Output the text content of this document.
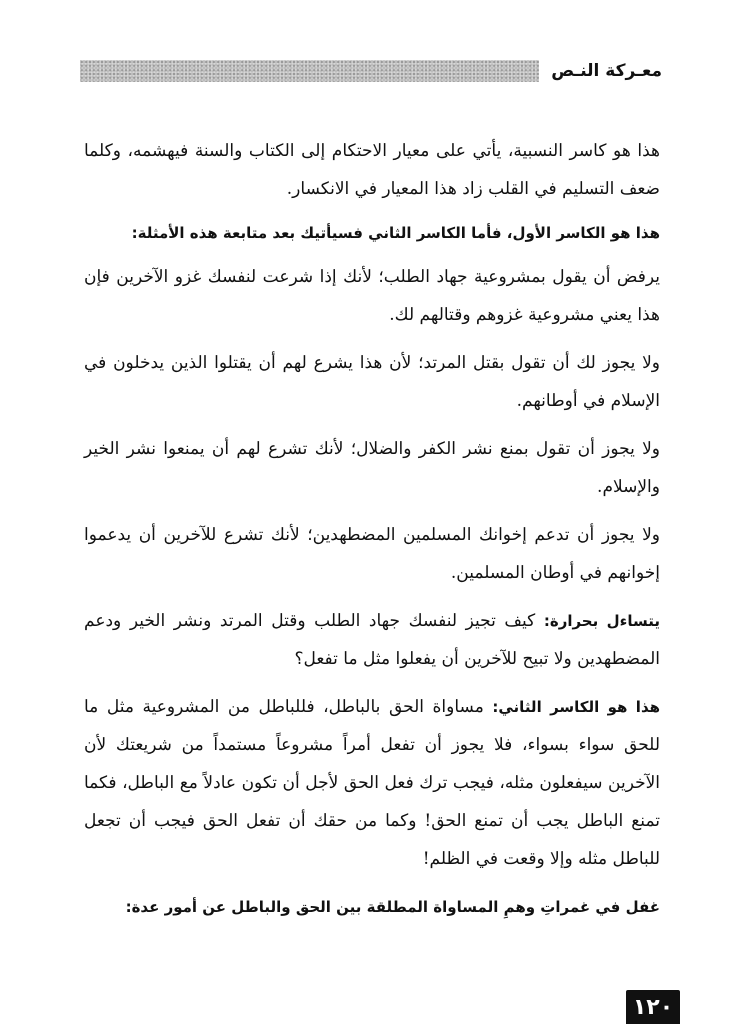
معـركة النـص

هذا هو كاسر النسبية، يأتي على معيار الاحتكام إلى الكتاب والسنة فيهشمه، وكلما ضعف التسليم في القلب زاد هذا المعيار في الانكسار.

هذا هو الكاسر الأول، فأما الكاسر الثاني فسيأتيك بعد متابعة هذه الأمثلة:

يرفض أن يقول بمشروعية جهاد الطلب؛ لأنك إذا شرعت لنفسك غزو الآخرين فإن هذا يعني مشروعية غزوهم وقتالهم لك.

ولا يجوز لك أن تقول بقتل المرتد؛ لأن هذا يشرع لهم أن يقتلوا الذين يدخلون في الإسلام في أوطانهم.

ولا يجوز أن تقول بمنع نشر الكفر والضلال؛ لأنك تشرع لهم أن يمنعوا نشر الخير والإسلام.

ولا يجوز أن تدعم إخوانك المسلمين المضطهدين؛ لأنك تشرع للآخرين أن يدعموا إخوانهم في أوطان المسلمين.

يتساءل بحرارة: كيف تجيز لنفسك جهاد الطلب وقتل المرتد ونشر الخير ودعم المضطهدين ولا تبيح للآخرين أن يفعلوا مثل ما تفعل؟

هذا هو الكاسر الثاني: مساواة الحق بالباطل، فللباطل من المشروعية مثل ما للحق سواء بسواء، فلا يجوز أن تفعل أمراً مشروعاً مستمداً من شريعتك لأن الآخرين سيفعلون مثله، فيجب ترك فعل الحق لأجل أن تكون عادلاً مع الباطل، فكما تمنع الباطل يجب أن تمنع الحق! وكما من حقك أن تفعل الحق فيجب أن تجعل للباطل مثله وإلا وقعت في الظلم!

غفل في غمراتِ وهمِ المساواة المطلقة بين الحق والباطل عن أمور عدة:

١٢٠
